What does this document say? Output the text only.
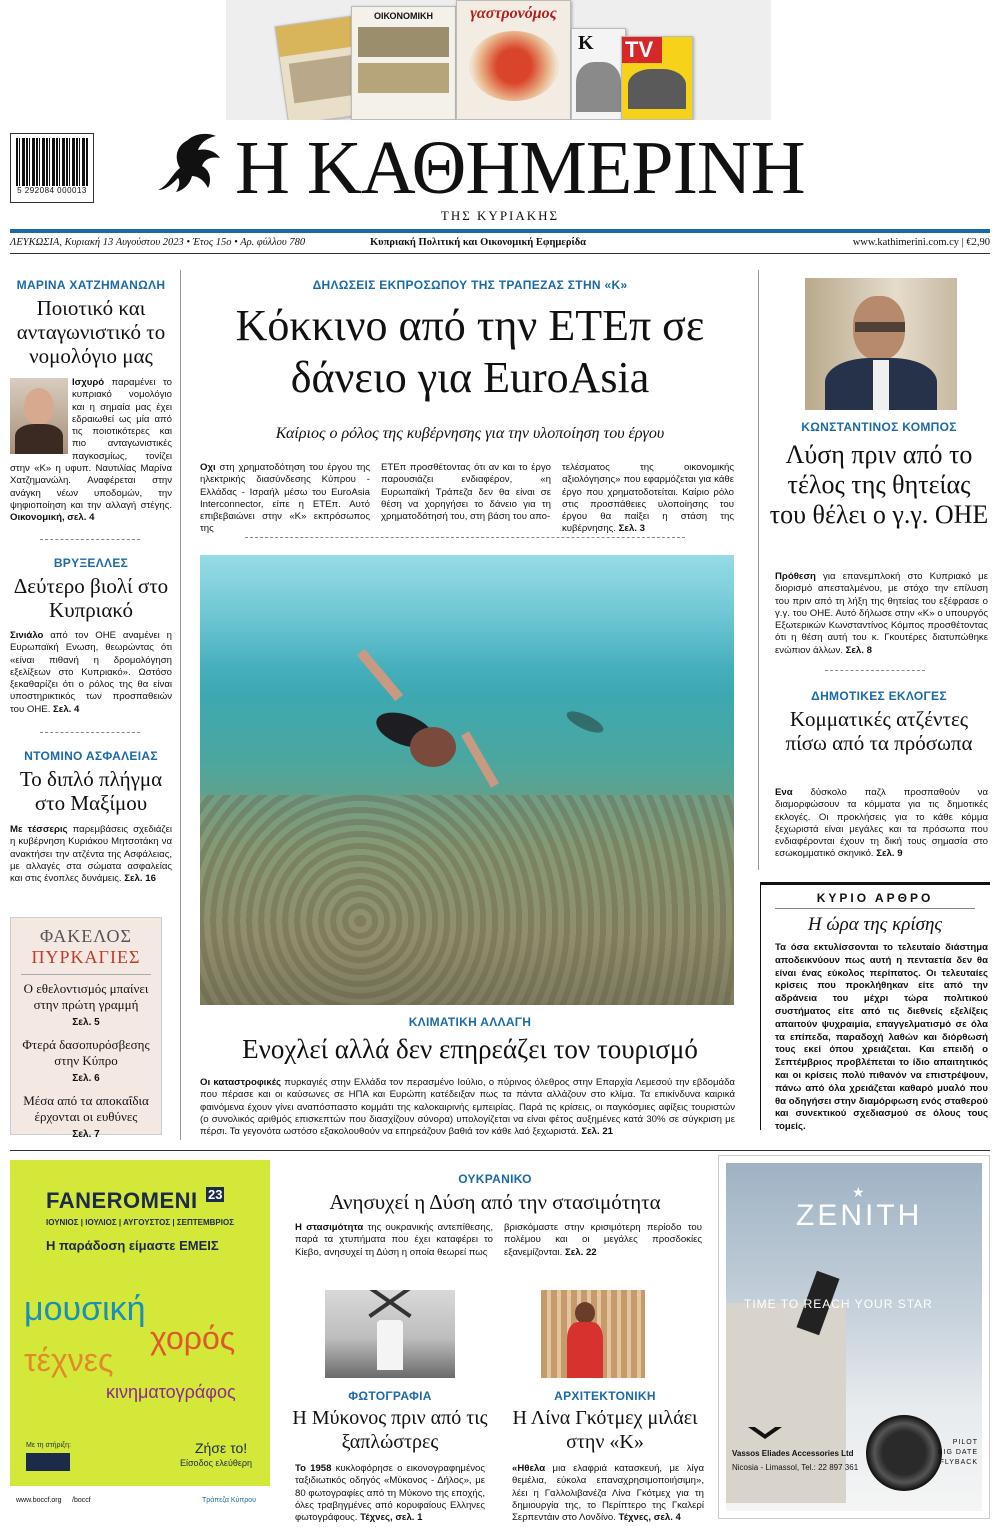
ΟΙΚΟΝΟΜΙΚΗ	γαστρονόμος
K	TV
5 292084 000013 Η ΚΑΘΗΜΕΡΙΝΗ
ΤΗΣ ΚΥΡΙΑΚΗΣ
ΛΕΥΚΩΣΙΑ, Κυριακή 13 Αυγούστου 2023 • Έτος 15ο • Αρ. φύλλου 780	Κυπριακή Πολιτική και Οικονομική Εφημερίδα	www.kathimerini.com.cy | €2,90
ΜΑΡΙΝΑ ΧΑΤΖΗΜΑΝΩΛΗ
Ποιοτικό και ανταγωνιστικό το νομολόγιο μας
Ισχυρό παραμένει το κυπριακό νομολόγιο και η σημαία μας έχει εδραιωθεί ως μία από τις ποιοτικότερες και πιο ανταγωνιστικές παγκοσμίως, τονίζει στην «Κ» η υφυπ. Ναυτιλίας Μαρίνα Χατζημανώλη. Αναφέρεται στην ανάγκη νέων υποδομών, την ψηφιοποίηση και την αλλαγή στέγης. Οικονομική, σελ. 4
ΒΡΥΞΕΛΛΕΣ
Δεύτερο βιολί στο Κυπριακό
Σινιάλο από τον ΟΗΕ αναμένει η Ευρωπαϊκή Ενωση, θεωρώντας ότι «είναι πιθανή η δρομολόγηση εξελίξεων στο Κυπριακό». Ωστόσο ξεκαθαρίζει ότι ο ρόλος της θα είναι υποστηρικτικός των προσπαθειών του ΟΗΕ. Σελ. 4
ΝΤΟΜΙΝΟ ΑΣΦΑΛΕΙΑΣ
Το διπλό πλήγμα στο Μαξίμου
Με τέσσερις παρεμβάσεις σχεδιάζει η κυβέρνηση Κυριάκου Μητσοτάκη να ανακτήσει την ατζέντα της Ασφάλειας, με αλλαγές στα σώματα ασφαλείας και στις ένοπλες δυνάμεις. Σελ. 16
ΦΑΚΕΛΟΣ
ΠΥΡΚΑΓΙΕΣ
Ο εθελοντισμός μπαίνει στην πρώτη γραμμή
Σελ. 5
Φτερά δασοπυρόσβεσης στην Κύπρο
Σελ. 6
Μέσα από τα αποκαΐδια έρχονται οι ευθύνες
Σελ. 7
ΔΗΛΩΣΕΙΣ ΕΚΠΡΟΣΩΠΟΥ ΤΗΣ ΤΡΑΠΕΖΑΣ ΣΤΗΝ «Κ»
Κόκκινο από την ΕΤΕπ σε δάνειο για EuroAsia
Καίριος ο ρόλος της κυβέρνησης για την υλοποίηση του έργου
Οχι στη χρηματοδότηση του έργου της ηλεκτρικής διασύνδεσης Κύπρου - Ελλάδας - Ισραήλ μέσω του EuroAsia Interconnector, είπε η ΕΤΕπ. Αυτό επιβεβαιώνει στην «Κ» εκπρόσωπος της
ΕΤΕπ προσθέτοντας ότι αν και το έργο παρουσιάζει ενδιαφέρον, «η Ευρωπαϊκή Τράπεζα δεν θα είναι σε θέση να χορηγήσει το δάνειο για τη χρηματοδότησή του, στη βάση του απο-
τελέσματος της οικονομικής αξιολόγησης» που εφαρμόζεται για κάθε έργο που χρηματοδοτείται. Καίριο ρόλο στις προσπάθειες υλοποίησης του έργου θα παίξει η στάση της κυβέρνησης. Σελ. 3
ΚΛΙΜΑΤΙΚΗ ΑΛΛΑΓΗ
Ενοχλεί αλλά δεν επηρεάζει τον τουρισμό
Οι καταστροφικές πυρκαγιές στην Ελλάδα τον περασμένο Ιούλιο, ο πύρινος όλεθρος στην Επαρχία Λεμεσού την εβδομάδα που πέρασε και οι καύσωνες σε ΗΠΑ και Ευρώπη κατέδειξαν πως τα πάντα αλλάζουν στο κλίμα. Τα επικίνδυνα καιρικά φαινόμενα έχουν γίνει αναπόσπαστο κομμάτι της καλοκαιρινής εμπειρίας. Παρά τις κρίσεις, οι παγκόσμιες αφίξεις τουριστών (ο συνολικός αριθμός επισκεπτών που διασχίζουν σύνορα) υπολογίζεται να είναι φέτος αυξημένες κατά 30% σε σύγκριση με πέρσι. Τα γεγονότα ωστόσο εξακολουθούν να επηρεάζουν βαθιά τον κάθε λαό ξεχωριστά. Σελ. 21
ΚΩΝΣΤΑΝΤΙΝΟΣ ΚΟΜΠΟΣ
Λύση πριν από το τέλος της θητείας του θέλει ο γ.γ. ΟΗΕ
Πρόθεση για επανεμπλοκή στο Κυπριακό με διορισμό απεσταλμένου, με στόχο την επίλυση του πριν από τη λήξη της θητείας του εξέφρασε ο γ.γ. του ΟΗΕ. Αυτό δήλωσε στην «Κ» ο υπουργός Εξωτερικών Κωνσταντίνος Κόμπος προσθέτοντας ότι η θέση αυτή του κ. Γκουτέρες διατυπώθηκε ενώπιον άλλων. Σελ. 8
ΔΗΜΟΤΙΚΕΣ ΕΚΛΟΓΕΣ
Κομματικές ατζέντες πίσω από τα πρόσωπα
Ενα δύσκολο παζλ προσπαθούν να διαμορφώσουν τα κόμματα για τις δημοτικές εκλογές. Οι προκλήσεις για το κάθε κόμμα ξεχωριστά είναι μεγάλες και τα πρόσωπα που ενδιαφέρονται έχουν τη δική τους σημασία στο εσωκομματικό σκηνικό. Σελ. 9
ΚΥΡΙΟ ΑΡΘΡΟ
Η ώρα της κρίσης
Τα όσα εκτυλίσσονται το τελευταίο διάστημα αποδεικνύουν πως αυτή η πενταετία δεν θα είναι ένας εύκολος περίπατος. Οι τελευταίες κρίσεις που προκλήθηκαν είτε από την αδράνεια του μέχρι τώρα πολιτικού συστήματος είτε από τις διεθνείς εξελίξεις απαιτούν ψυχραιμία, επαγγελματισμό σε όλα τα επίπεδα, παραδοχή λαθών και διόρθωσή τους εκεί όπου χρειάζεται. Και επειδή ο Σεπτέμβριος προβλέπεται το ίδιο απαιτητικός και οι κρίσεις πολύ πιθανόν να επιστρέψουν, πάνω από όλα χρειάζεται καθαρό μυαλό που θα οδηγήσει στην διαμόρφωση ενός σταθερού και συνεκτικού σχεδιασμού σε όλους τους τομείς.
FANEROMENI 23
ΙΟΥΝΙΟΣ | ΙΟΥΛΙΟΣ | ΑΥΓΟΥΣΤΟΣ | ΣΕΠΤΕΜΒΡΙΟΣ
Η παράδοση είμαστε ΕΜΕΙΣ
μουσική
χορός
τέχνες
κινηματογράφος
Με τη στήριξη:	Ζήσε το!
Είσοδος ελεύθερη
www.boccf.org /boccf	Τράπεζα Κύπρου
ΟΥΚΡΑΝΙΚΟ
Ανησυχεί η Δύση από την στασιμότητα
Η στασιμότητα της ουκρανικής αντεπίθεσης, παρά τα χτυπήματα που έχει καταφέρει το Κίεβο, ανησυχεί τη Δύση η οποία θεωρεί πως
βρισκόμαστε στην κρισιμότερη περίοδο του πολέμου και οι μεγάλες προσδοκίες εξανεμίζονται. Σελ. 22
ΦΩΤΟΓΡΑΦΙΑ
Η Μύκονος πριν από τις ξαπλώστρες
Το 1958 κυκλοφόρησε ο εικονογραφημένος ταξιδιωτικός οδηγός «Μύκονος - Δήλος», με 80 φωτογραφίες από τη Μύκονο της εποχής, όλες τραβηγμένες από κορυφαίους Ελληνες φωτογράφους. Τέχνες, σελ. 1
ΑΡΧΙΤΕΚΤΟΝΙΚΗ
Η Λίνα Γκότμεχ μιλάει στην «Κ»
«Ηθελα μια ελαφριά κατασκευή, με λίγα θεμέλια, εύκολα επαναχρησιμοποιήσιμη», λέει η Γαλλολιβανέζα Λίνα Γκότμεχ για τη δημιουργία της, το Περίπτερο της Γκαλερί Σερπεντάιν στο Λονδίνο. Τέχνες, σελ. 4
★
ZENITH
TIME TO REACH YOUR STAR
Vassos Eliades Accessories Ltd
Nicosia - Limassol, Tel.: 22 897 361
PILOT
BIG DATE
FLYBACK
